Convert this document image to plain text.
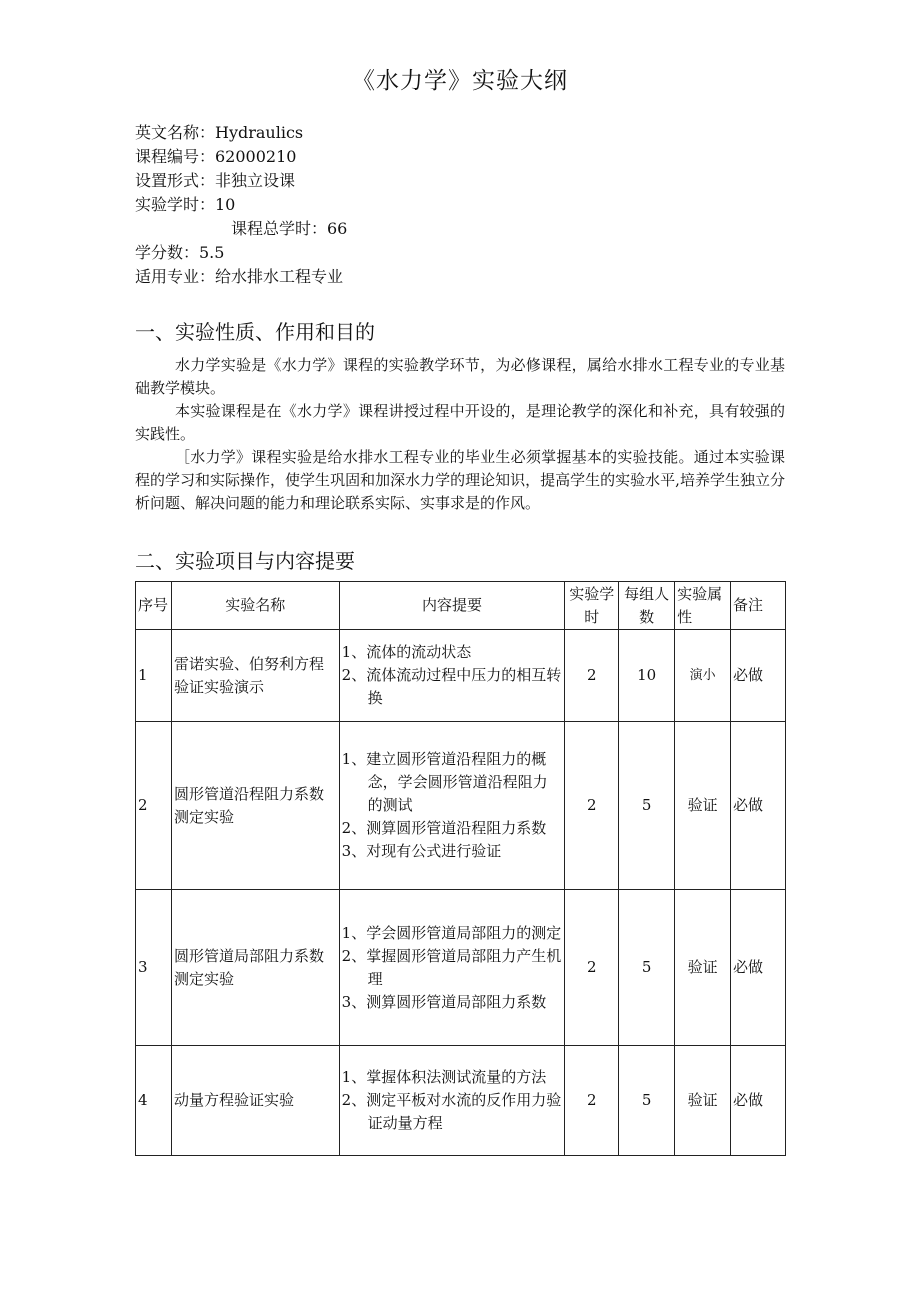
《水力学》实验大纲
英文名称：Hydraulics
课程编号：62000210
设置形式：非独立设课
实验学时：10
课程总学时：66
学分数：5.5
适用专业：给水排水工程专业
一、实验性质、作用和目的

水力学实验是《水力学》课程的实验教学环节，为必修课程，属给水排水工程专业的专业基础教学模块。

本实验课程是在《水力学》课程讲授过程中开设的，是理论教学的深化和补充，具有较强的实践性。

［水力学》课程实验是给水排水工程专业的毕业生必须掌握基本的实验技能。通过本实验课程的学习和实际操作，使学生巩固和加深水力学的理论知识，提高学生的实验水平,培养学生独立分析问题、解决问题的能力和理论联系实际、实事求是的作风。

二、实验项目与内容提要
序号	实验名称	内容提要	实验学时	每组人数	实验属性	备注
1	雷诺实验、伯努利方程验证实验演示	1、流体的流动状态
2、流体流动过程中压力的相互转换	2	10	演小	必做
2	圆形管道沿程阻力系数测定实验	1、建立圆形管道沿程阻力的概念，学会圆形管道沿程阻力的测试
2、测算圆形管道沿程阻力系数
3、对现有公式进行验证	2	5	验证	必做
3	圆形管道局部阻力系数测定实验	1、学会圆形管道局部阻力的测定
2、掌握圆形管道局部阻力产生机理
3、测算圆形管道局部阻力系数	2	5	验证	必做
4	动量方程验证实验	1、掌握体积法测试流量的方法
2、测定平板对水流的反作用力验证动量方程	2	5	验证	必做
